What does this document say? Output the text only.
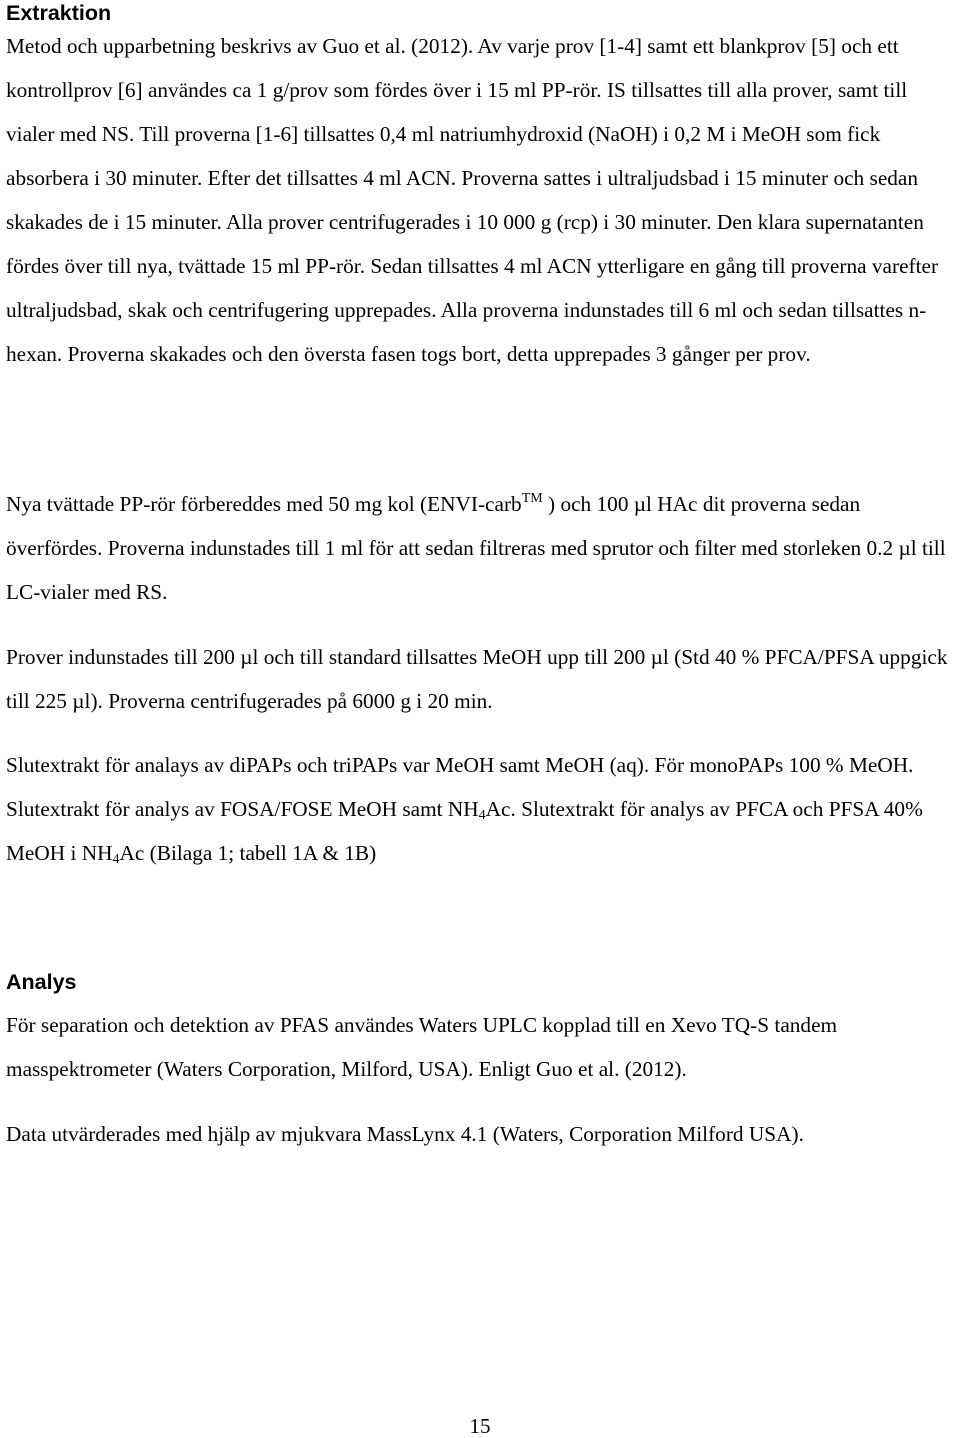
Extraktion

Metod och upparbetning beskrivs av Guo et al. (2012). Av varje prov [1-4] samt ett blankprov [5] och ett kontrollprov [6] användes ca 1 g/prov som fördes över i 15 ml PP-rör. IS tillsattes till alla prover, samt till vialer med NS. Till proverna [1-6] tillsattes 0,4 ml natriumhydroxid (NaOH) i 0,2 M i MeOH som fick absorbera i 30 minuter. Efter det tillsattes 4 ml ACN. Proverna sattes i ultraljudsbad i 15 minuter och sedan skakades de i 15 minuter. Alla prover centrifugerades i 10 000 g (rcp) i 30 minuter. Den klara supernatanten fördes över till nya, tvättade 15 ml PP-rör. Sedan tillsattes 4 ml ACN ytterligare en gång till proverna varefter ultraljudsbad, skak och centrifugering upprepades. Alla proverna indunstades till 6 ml och sedan tillsattes n-hexan. Proverna skakades och den översta fasen togs bort, detta upprepades 3 gånger per prov.

Nya tvättade PP-rör förbereddes med 50 mg kol (ENVI-carb™ ) och 100 µl HAc dit proverna sedan överfördes. Proverna indunstades till 1 ml för att sedan filtreras med sprutor och filter med storleken 0.2 µl till LC-vialer med RS.

Prover indunstades till 200 µl och till standard tillsattes MeOH upp till 200 µl (Std 40 % PFCA/PFSA uppgick till 225 µl). Proverna centrifugerades på 6000 g i 20 min.

Slutextrakt för analays av diPAPs och triPAPs var MeOH samt MeOH (aq). För monoPAPs 100 % MeOH. Slutextrakt för analys av FOSA/FOSE MeOH samt $NH_4Ac$. Slutextrakt för analys av PFCA och PFSA 40% MeOH i $NH_4Ac$ (Bilaga 1; tabell 1A & 1B)

Analys

För separation och detektion av PFAS användes Waters UPLC kopplad till en Xevo TQ-S tandem masspektrometer (Waters Corporation, Milford, USA). Enligt Guo et al. (2012).

Data utvärderades med hjälp av mjukvara MassLynx 4.1 (Waters, Corporation Milford USA).

15
